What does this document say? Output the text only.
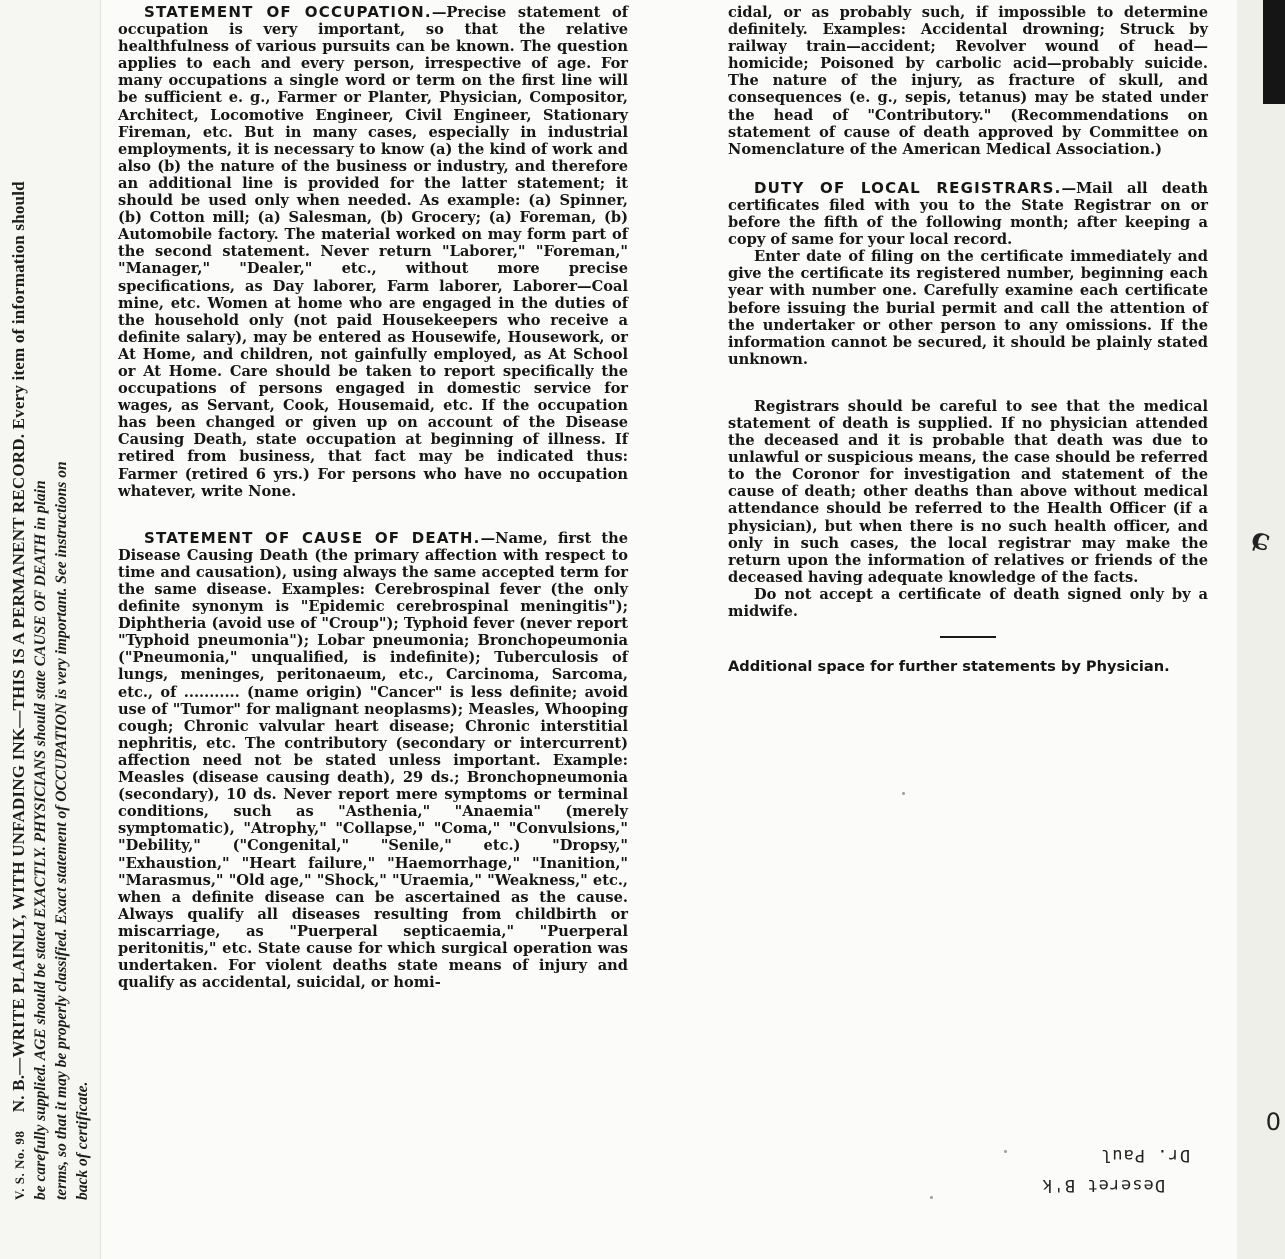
V. S. No. 98 N. B.—WRITE PLAINLY, WITH UNFADING INK—THIS IS A PERMANENT RECORD. Every item of information should be carefully supplied. AGE should be stated EXACTLY. PHYSICIANS should state CAUSE OF DEATH in plain terms, so that it may be properly classified. Exact statement of OCCUPATION is very important. See instructions on back of certificate.	0
ɕ

STATEMENT OF OCCUPATION.—Precise statement of occupation is very important, so that the relative healthfulness of various pursuits can be known. The question applies to each and every person, irrespective of age. For many occupations a single word or term on the first line will be sufficient e. g., Farmer or Planter, Physician, Compositor, Architect, Locomotive Engineer, Civil Engineer, Stationary Fireman, etc. But in many cases, especially in industrial employments, it is necessary to know (a) the kind of work and also (b) the nature of the business or industry, and therefore an additional line is provided for the latter statement; it should be used only when needed. As example: (a) Spinner, (b) Cotton mill; (a) Salesman, (b) Grocery; (a) Foreman, (b) Automobile factory. The material worked on may form part of the second statement. Never return "Laborer," "Foreman," "Manager," "Dealer," etc., without more precise specifications, as Day laborer, Farm laborer, Laborer—Coal mine, etc. Women at home who are engaged in the duties of the household only (not paid Housekeepers who receive a definite salary), may be entered as Housewife, Housework, or At Home, and children, not gainfully employed, as At School or At Home. Care should be taken to report specifically the occupations of persons engaged in domestic service for wages, as Servant, Cook, Housemaid, etc. If the occupation has been changed or given up on account of the Disease Causing Death, state occupation at beginning of illness. If retired from business, that fact may be indicated thus: Farmer (retired 6 yrs.) For persons who have no occupation whatever, write None.

STATEMENT OF CAUSE OF DEATH.—Name, first the Disease Causing Death (the primary affection with respect to time and causation), using always the same accepted term for the same disease. Examples: Cerebrospinal fever (the only definite synonym is "Epidemic cerebrospinal meningitis"); Diphtheria (avoid use of "Croup"); Typhoid fever (never report "Typhoid pneumonia"); Lobar pneumonia; Bronchopeumonia ("Pneumonia," unqualified, is indefinite); Tuberculosis of lungs, meninges, peritonaeum, etc., Carcinoma, Sarcoma, etc., of ........... (name origin) "Cancer" is less definite; avoid use of "Tumor" for malignant neoplasms); Measles, Whooping cough; Chronic valvular heart disease; Chronic interstitial nephritis, etc. The contributory (secondary or intercurrent) affection need not be stated unless important. Example: Measles (disease causing death), 29 ds.; Bronchopneumonia (secondary), 10 ds. Never report mere symptoms or terminal conditions, such as "Asthenia," "Anaemia" (merely symptomatic), "Atrophy," "Collapse," "Coma," "Convulsions," "Debility," ("Congenital," "Senile," etc.) "Dropsy," "Exhaustion," "Heart failure," "Haemorrhage," "Inanition," "Marasmus," "Old age," "Shock," "Uraemia," "Weakness," etc., when a definite disease can be ascertained as the cause. Always qualify all diseases resulting from childbirth or miscarriage, as "Puerperal septicaemia," "Puerperal peritonitis," etc. State cause for which surgical operation was undertaken. For violent deaths state means of injury and qualify as accidental, suicidal, or homi-

cidal, or as probably such, if impossible to determine definitely. Examples: Accidental drowning; Struck by railway train—accident; Revolver wound of head—homicide; Poisoned by carbolic acid—probably suicide. The nature of the injury, as fracture of skull, and consequences (e. g., sepis, tetanus) may be stated under the head of "Contributory." (Recommendations on statement of cause of death approved by Committee on Nomenclature of the American Medical Association.)

DUTY OF LOCAL REGISTRARS.—Mail all death certificates filed with you to the State Registrar on or before the fifth of the following month; after keeping a copy of same for your local record.

Enter date of filing on the certificate immediately and give the certificate its registered number, beginning each year with number one. Carefully examine each certificate before issuing the burial permit and call the attention of the undertaker or other person to any omissions. If the information cannot be secured, it should be plainly stated unknown.

Registrars should be careful to see that the medical statement of death is supplied. If no physician attended the deceased and it is probable that death was due to unlawful or suspicious means, the case should be referred to the Coronor for investigation and statement of the cause of death; other deaths than above without medical attendance should be referred to the Health Officer (if a physician), but when there is no such health officer, and only in such cases, the local registrar may make the return upon the information of relatives or friends of the deceased having adequate knowledge of the facts.

Do not accept a certificate of death signed only by a midwife.

Additional space for further statements by Physician.

Deseret B'k
Dr. Paul
